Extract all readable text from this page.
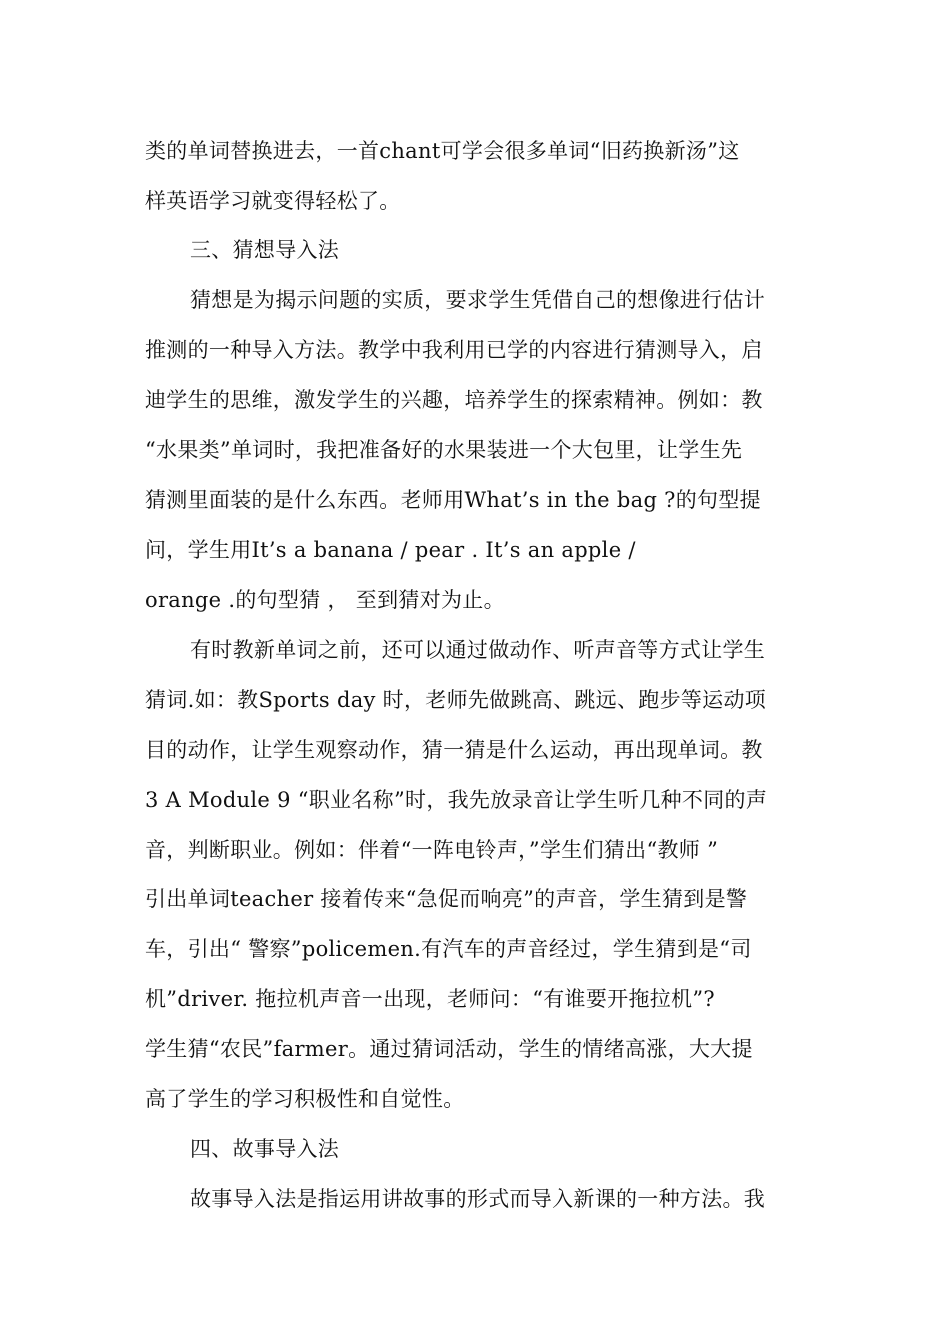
类的单词替换进去，一首chant可学会很多单词“旧药换新汤”这
样英语学习就变得轻松了。
三、猜想导入法
猜想是为揭示问题的实质，要求学生凭借自己的想像进行估计
推测的一种导入方法。教学中我利用已学的内容进行猜测导入，启
迪学生的思维，激发学生的兴趣，培养学生的探索精神。例如：教
“水果类”单词时，我把准备好的水果装进一个大包里，让学生先
猜测里面装的是什么东西。老师用What’s in the bag ?的句型提
问，学生用It’s a banana / pear . It’s an apple /
orange .的句型猜 ， 至到猜对为止。
有时教新单词之前，还可以通过做动作、听声音等方式让学生
猜词.如：教Sports day 时，老师先做跳高、跳远、跑步等运动项
目的动作，让学生观察动作，猜一猜是什么运动，再出现单词。教
3 A Module 9 “职业名称”时，我先放录音让学生听几种不同的声
音，判断职业。例如：伴着“一阵电铃声，”学生们猜出“教师 ”
引出单词teacher 接着传来“急促而响亮”的声音，学生猜到是警
车，引出“ 警察”policemen.有汽车的声音经过，学生猜到是“司
机”driver. 拖拉机声音一出现，老师问：“有谁要开拖拉机”?
学生猜“农民”farmer。通过猜词活动，学生的情绪高涨，大大提
高了学生的学习积极性和自觉性。
四、故事导入法
故事导入法是指运用讲故事的形式而导入新课的一种方法。我
